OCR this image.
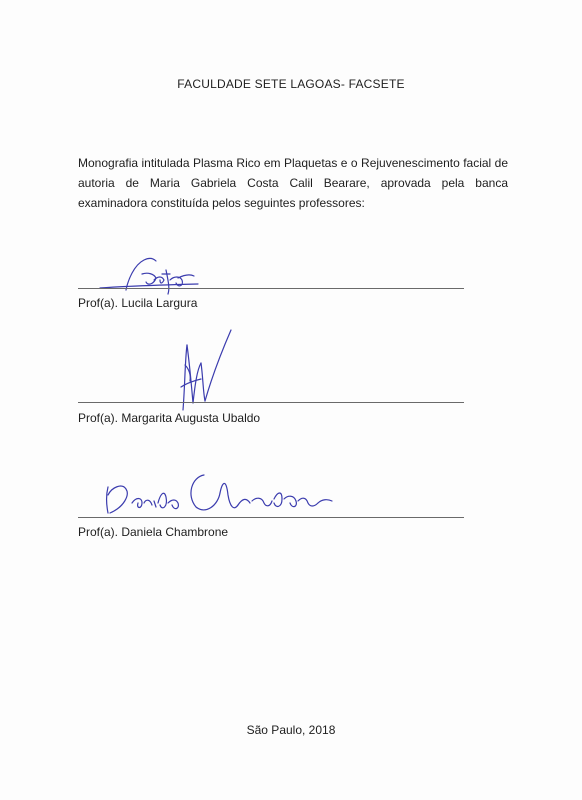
FACULDADE SETE LAGOAS- FACSETE
Monografia intitulada Plasma Rico em Plaquetas e o Rejuvenescimento facial de autoria de Maria Gabriela Costa Calil Bearare, aprovada pela banca examinadora constituída pelos seguintes professores:
Prof(a). Lucila Largura
Prof(a). Margarita Augusta Ubaldo
Prof(a). Daniela Chambrone
São Paulo, 2018
